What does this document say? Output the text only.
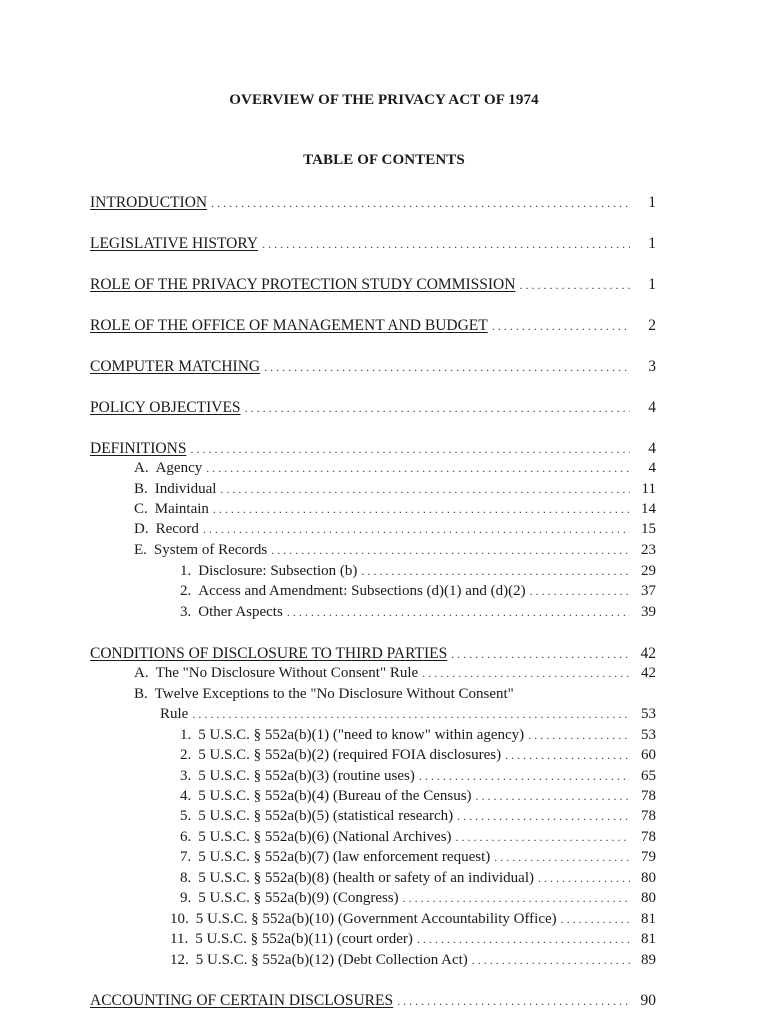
OVERVIEW OF THE PRIVACY ACT OF 1974
TABLE OF CONTENTS
INTRODUCTION . . .	1
LEGISLATIVE HISTORY . . .	1
ROLE OF THE PRIVACY PROTECTION STUDY COMMISSION . . .	1
ROLE OF THE OFFICE OF MANAGEMENT AND BUDGET . . .	2
COMPUTER MATCHING . . .	3
POLICY OBJECTIVES . . .	4
DEFINITIONS . . .	4
A. Agency . . .	4
B. Individual . . .	11
C. Maintain . . .	14
D. Record . . .	15
E. System of Records . . .	23
1. Disclosure: Subsection (b) . . .	29
2. Access and Amendment: Subsections (d)(1) and (d)(2) . . .	37
3. Other Aspects . . .	39
CONDITIONS OF DISCLOSURE TO THIRD PARTIES . . .	42
A. The "No Disclosure Without Consent" Rule . . .	42
B. Twelve Exceptions to the "No Disclosure Without Consent"
Rule . . .	53
1. 5 U.S.C. § 552a(b)(1) ("need to know" within agency) . . .	53
2. 5 U.S.C. § 552a(b)(2) (required FOIA disclosures) . . .	60
3. 5 U.S.C. § 552a(b)(3) (routine uses) . . .	65
4. 5 U.S.C. § 552a(b)(4) (Bureau of the Census) . . .	78
5. 5 U.S.C. § 552a(b)(5) (statistical research) . . .	78
6. 5 U.S.C. § 552a(b)(6) (National Archives) . . .	78
7. 5 U.S.C. § 552a(b)(7) (law enforcement request) . . .	79
8. 5 U.S.C. § 552a(b)(8) (health or safety of an individual) . . .	80
9. 5 U.S.C. § 552a(b)(9) (Congress) . . .	80
10. 5 U.S.C. § 552a(b)(10) (Government Accountability Office) . . .	81
11. 5 U.S.C. § 552a(b)(11) (court order) . . .	81
12. 5 U.S.C. § 552a(b)(12) (Debt Collection Act) . . .	89
ACCOUNTING OF CERTAIN DISCLOSURES . . .	90
